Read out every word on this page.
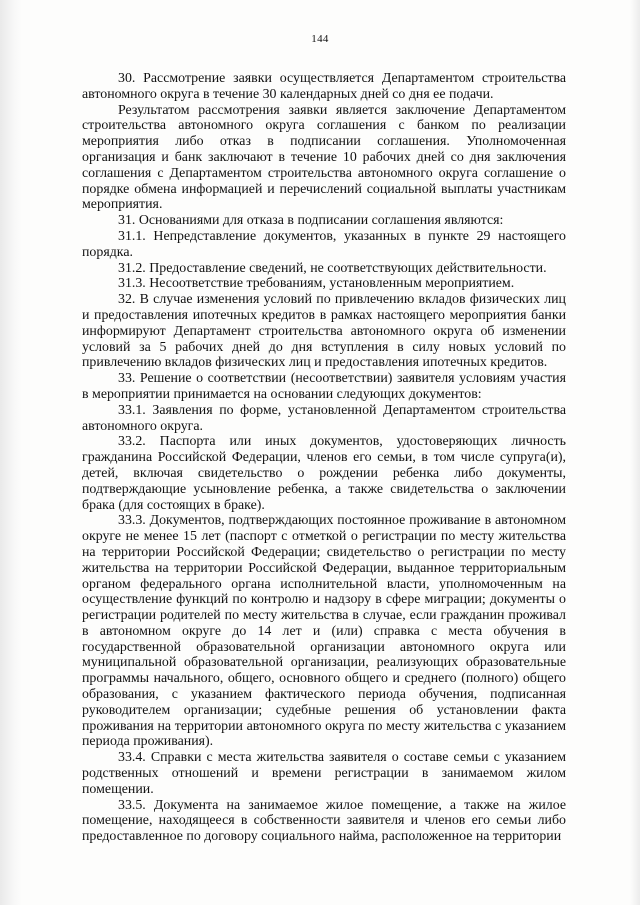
144

30. Рассмотрение заявки осуществляется Департаментом строительства автономного округа в течение 30 календарных дней со дня ее подачи.

Результатом рассмотрения заявки является заключение Департаментом строительства автономного округа соглашения с банком по реализации мероприятия либо отказ в подписании соглашения. Уполномоченная организация и банк заключают в течение 10 рабочих дней со дня заключения соглашения с Департаментом строительства автономного округа соглашение о порядке обмена информацией и перечислений социальной выплаты участникам мероприятия.

31. Основаниями для отказа в подписании соглашения являются:

31.1. Непредставление документов, указанных в пункте 29 настоящего порядка.

31.2. Предоставление сведений, не соответствующих действительности.

31.3. Несоответствие требованиям, установленным мероприятием.

32. В случае изменения условий по привлечению вкладов физических лиц и предоставления ипотечных кредитов в рамках настоящего мероприятия банки информируют Департамент строительства автономного округа об изменении условий за 5 рабочих дней до дня вступления в силу новых условий по привлечению вкладов физических лиц и предоставления ипотечных кредитов.

33. Решение о соответствии (несоответствии) заявителя условиям участия в мероприятии принимается на основании следующих документов:

33.1. Заявления по форме, установленной Департаментом строительства автономного округа.

33.2. Паспорта или иных документов, удостоверяющих личность гражданина Российской Федерации, членов его семьи, в том числе супруга(и), детей, включая свидетельство о рождении ребенка либо документы, подтверждающие усыновление ребенка, а также свидетельства о заключении брака (для состоящих в браке).

33.3. Документов, подтверждающих постоянное проживание в автономном округе не менее 15 лет (паспорт с отметкой о регистрации по месту жительства на территории Российской Федерации; свидетельство о регистрации по месту жительства на территории Российской Федерации, выданное территориальным органом федерального органа исполнительной власти, уполномоченным на осуществление функций по контролю и надзору в сфере миграции; документы о регистрации родителей по месту жительства в случае, если гражданин проживал в автономном округе до 14 лет и (или) справка с места обучения в государственной образовательной организации автономного округа или муниципальной образовательной организации, реализующих образовательные программы начального, общего, основного общего и среднего (полного) общего образования, с указанием фактического периода обучения, подписанная руководителем организации; судебные решения об установлении факта проживания на территории автономного округа по месту жительства с указанием периода проживания).

33.4. Справки с места жительства заявителя о составе семьи с указанием родственных отношений и времени регистрации в занимаемом жилом помещении.

33.5. Документа на занимаемое жилое помещение, а также на жилое помещение, находящееся в собственности заявителя и членов его семьи либо предоставленное по договору социального найма, расположенное на территории
